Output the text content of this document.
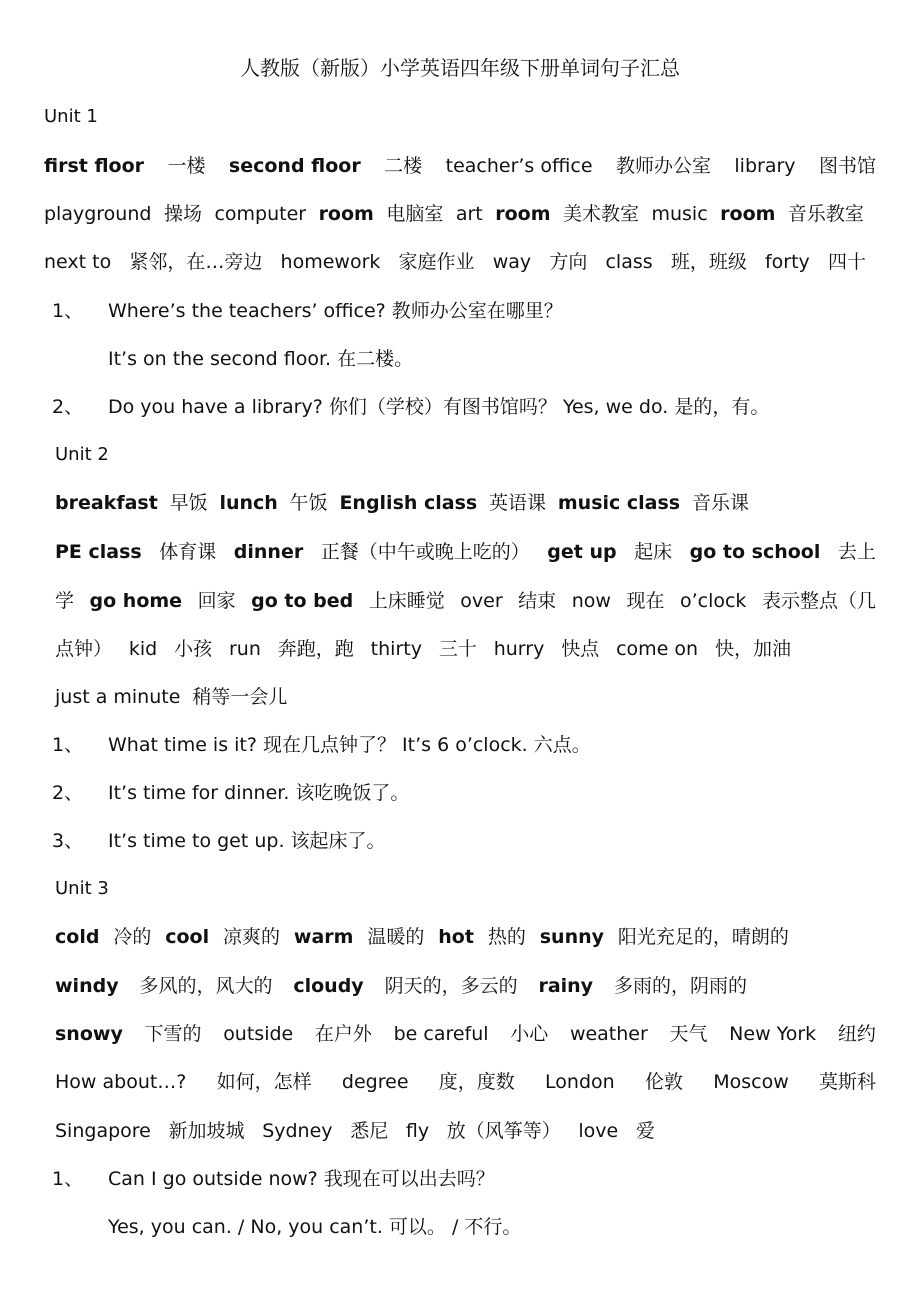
人教版（新版）小学英语四年级下册单词句子汇总
Unit 1
first floor 一楼 second floor 二楼 teacher’s office 教师办公室 library 图书馆
playground 操场 computer room 电脑室 art room 美术教室 music room 音乐教室
next to 紧邻，在…旁边 homework 家庭作业 way 方向 class 班，班级 forty 四十
1、 Where’s the teachers’ office? 教师办公室在哪里？
It’s on the second floor. 在二楼。
2、 Do you have a library? 你们（学校）有图书馆吗？ Yes, we do. 是的，有。
Unit 2
breakfast 早饭 lunch 午饭 English class 英语课 music class 音乐课
PE class 体育课 dinner 正餐（中午或晚上吃的） get up 起床 go to school 去上
学 go home 回家 go to bed 上床睡觉 over 结束 now 现在 o’clock 表示整点（几
点钟） kid 小孩 run 奔跑，跑 thirty 三十 hurry 快点 come on 快，加油
just a minute 稍等一会儿
1、 What time is it? 现在几点钟了？ It’s 6 o’clock. 六点。
2、 It’s time for dinner. 该吃晚饭了。
3、 It’s time to get up. 该起床了。
Unit 3
cold 冷的 cool 凉爽的 warm 温暖的 hot 热的 sunny 阳光充足的，晴朗的
windy 多风的，风大的 cloudy 阴天的，多云的 rainy 多雨的，阴雨的
snowy 下雪的 outside 在户外 be careful 小心 weather 天气 New York 纽约
How about…? 如何，怎样 degree 度，度数 London 伦敦 Moscow 莫斯科
Singapore 新加坡城 Sydney 悉尼 fly 放（风筝等） love 爱
1、 Can I go outside now? 我现在可以出去吗？
Yes, you can. / No, you can’t. 可以。 / 不行。
